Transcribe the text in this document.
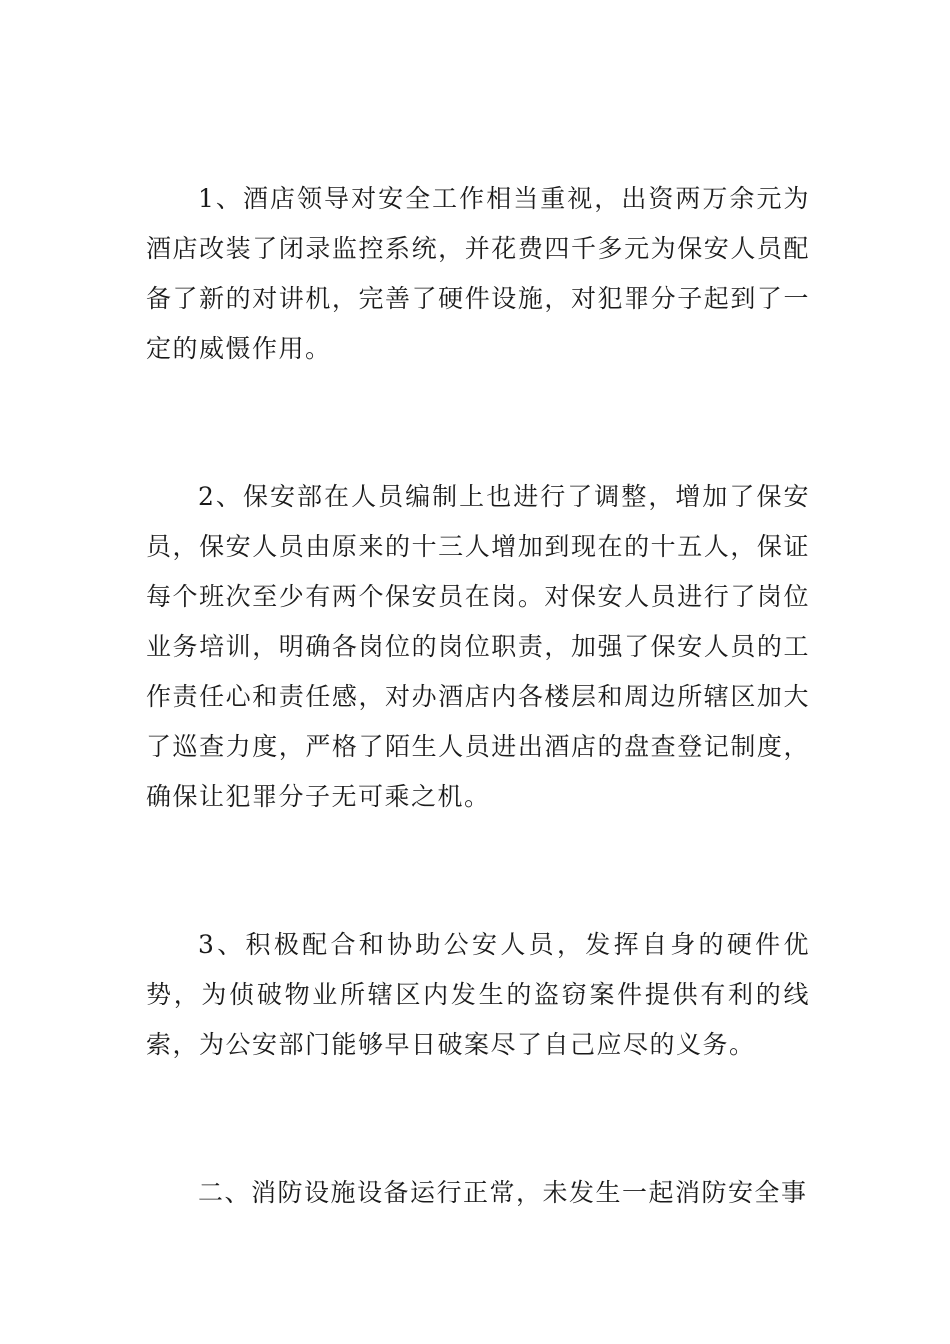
1、酒店领导对安全工作相当重视，出资两万余元为酒店改装了闭录监控系统，并花费四千多元为保安人员配备了新的对讲机，完善了硬件设施，对犯罪分子起到了一定的威慑作用。

2、保安部在人员编制上也进行了调整，增加了保安员，保安人员由原来的十三人增加到现在的十五人，保证每个班次至少有两个保安员在岗。对保安人员进行了岗位业务培训，明确各岗位的岗位职责，加强了保安人员的工作责任心和责任感，对办酒店内各楼层和周边所辖区加大了巡查力度，严格了陌生人员进出酒店的盘查登记制度，确保让犯罪分子无可乘之机。

3、积极配合和协助公安人员，发挥自身的硬件优势，为侦破物业所辖区内发生的盗窃案件提供有利的线索，为公安部门能够早日破案尽了自己应尽的义务。

二、消防设施设备运行正常，未发生一起消防安全事
